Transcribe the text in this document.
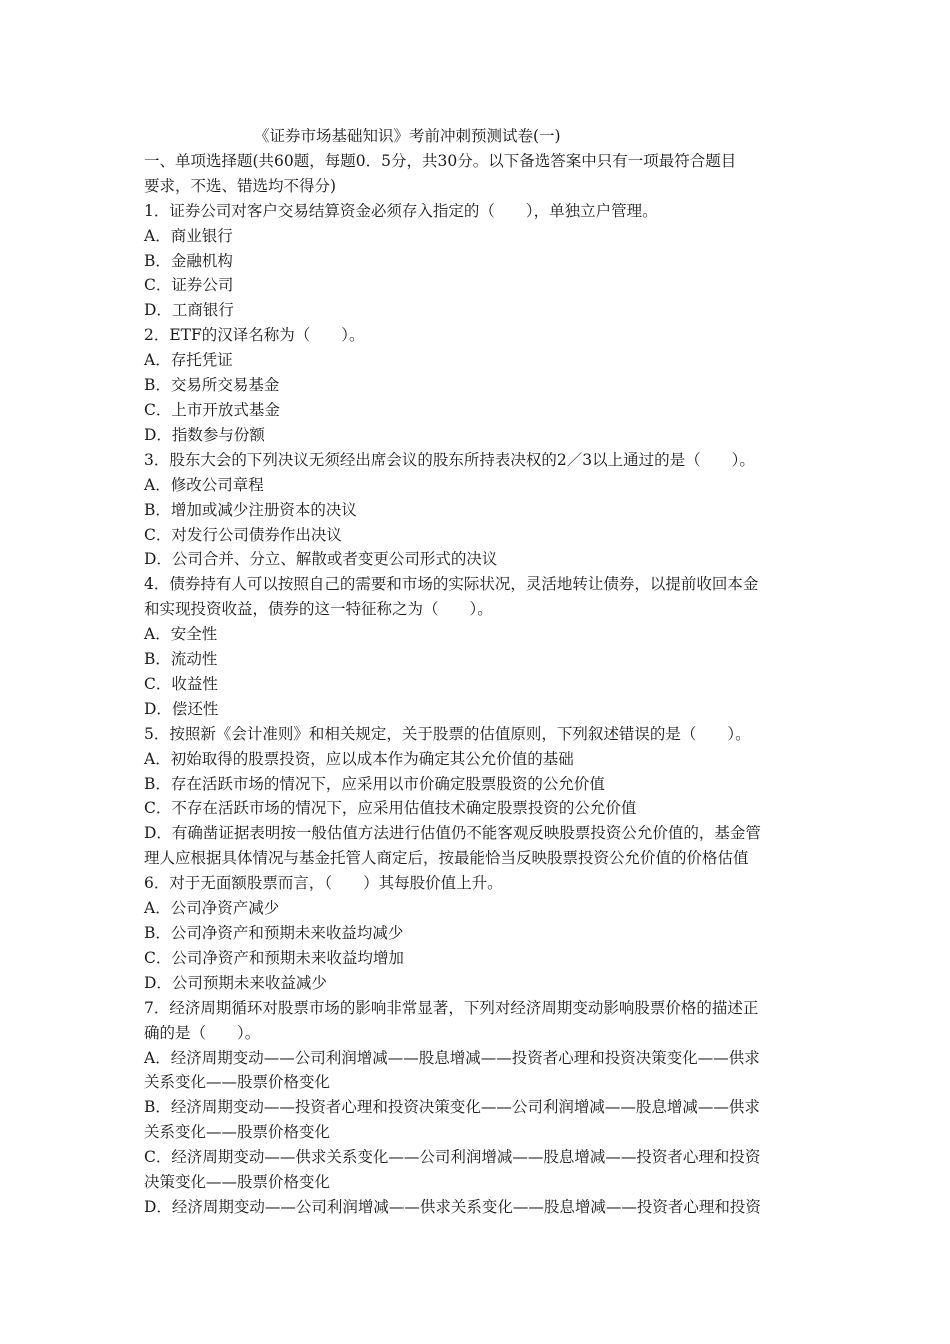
《证券市场基础知识》考前冲刺预测试卷(一)

一、单项选择题(共60题，每题0．5分，共30分。以下备选答案中只有一项最符合题目
要求，不选、错选均不得分)

1．证券公司对客户交易结算资金必须存入指定的（　　），单独立户管理。

A．商业银行

B．金融机构

C．证券公司

D．工商银行

2．ETF的汉译名称为（　　）。

A．存托凭证

B．交易所交易基金

C．上市开放式基金

D．指数参与份额

3．股东大会的下列决议无须经出席会议的股东所持表决权的2／3以上通过的是（　　）。

A．修改公司章程

B．增加或减少注册资本的决议

C．对发行公司债券作出决议

D．公司合并、分立、解散或者变更公司形式的决议

4．债券持有人可以按照自己的需要和市场的实际状况，灵活地转让债券，以提前收回本金
和实现投资收益，债券的这一特征称之为（　　）。

A．安全性

B．流动性

C．收益性

D．偿还性

5．按照新《会计准则》和相关规定，关于股票的估值原则，下列叙述错误的是（　　）。

A．初始取得的股票投资，应以成本作为确定其公允价值的基础

B．存在活跃市场的情况下，应采用以市价确定股票股资的公允价值

C．不存在活跃市场的情况下，应采用估值技术确定股票投资的公允价值

D．有确凿证据表明按一般估值方法进行估值仍不能客观反映股票投资公允价值的，基金管
理人应根据具体情况与基金托管人商定后，按最能恰当反映股票投资公允价值的价格估值

6．对于无面额股票而言，（　　）其每股价值上升。

A．公司净资产减少

B．公司净资产和预期未来收益均减少

C．公司净资产和预期未来收益均增加

D．公司预期未来收益减少

7．经济周期循环对股票市场的影响非常显著，下列对经济周期变动影响股票价格的描述正
确的是（　　）。

A．经济周期变动——公司利润增减——股息增减——投资者心理和投资决策变化——供求
关系变化——股票价格变化

B．经济周期变动——投资者心理和投资决策变化——公司利润增减——股息增减——供求
关系变化——股票价格变化

C．经济周期变动——供求关系变化——公司利润增减——股息增减——投资者心理和投资
决策变化——股票价格变化

D．经济周期变动——公司利润增减——供求关系变化——股息增减——投资者心理和投资
